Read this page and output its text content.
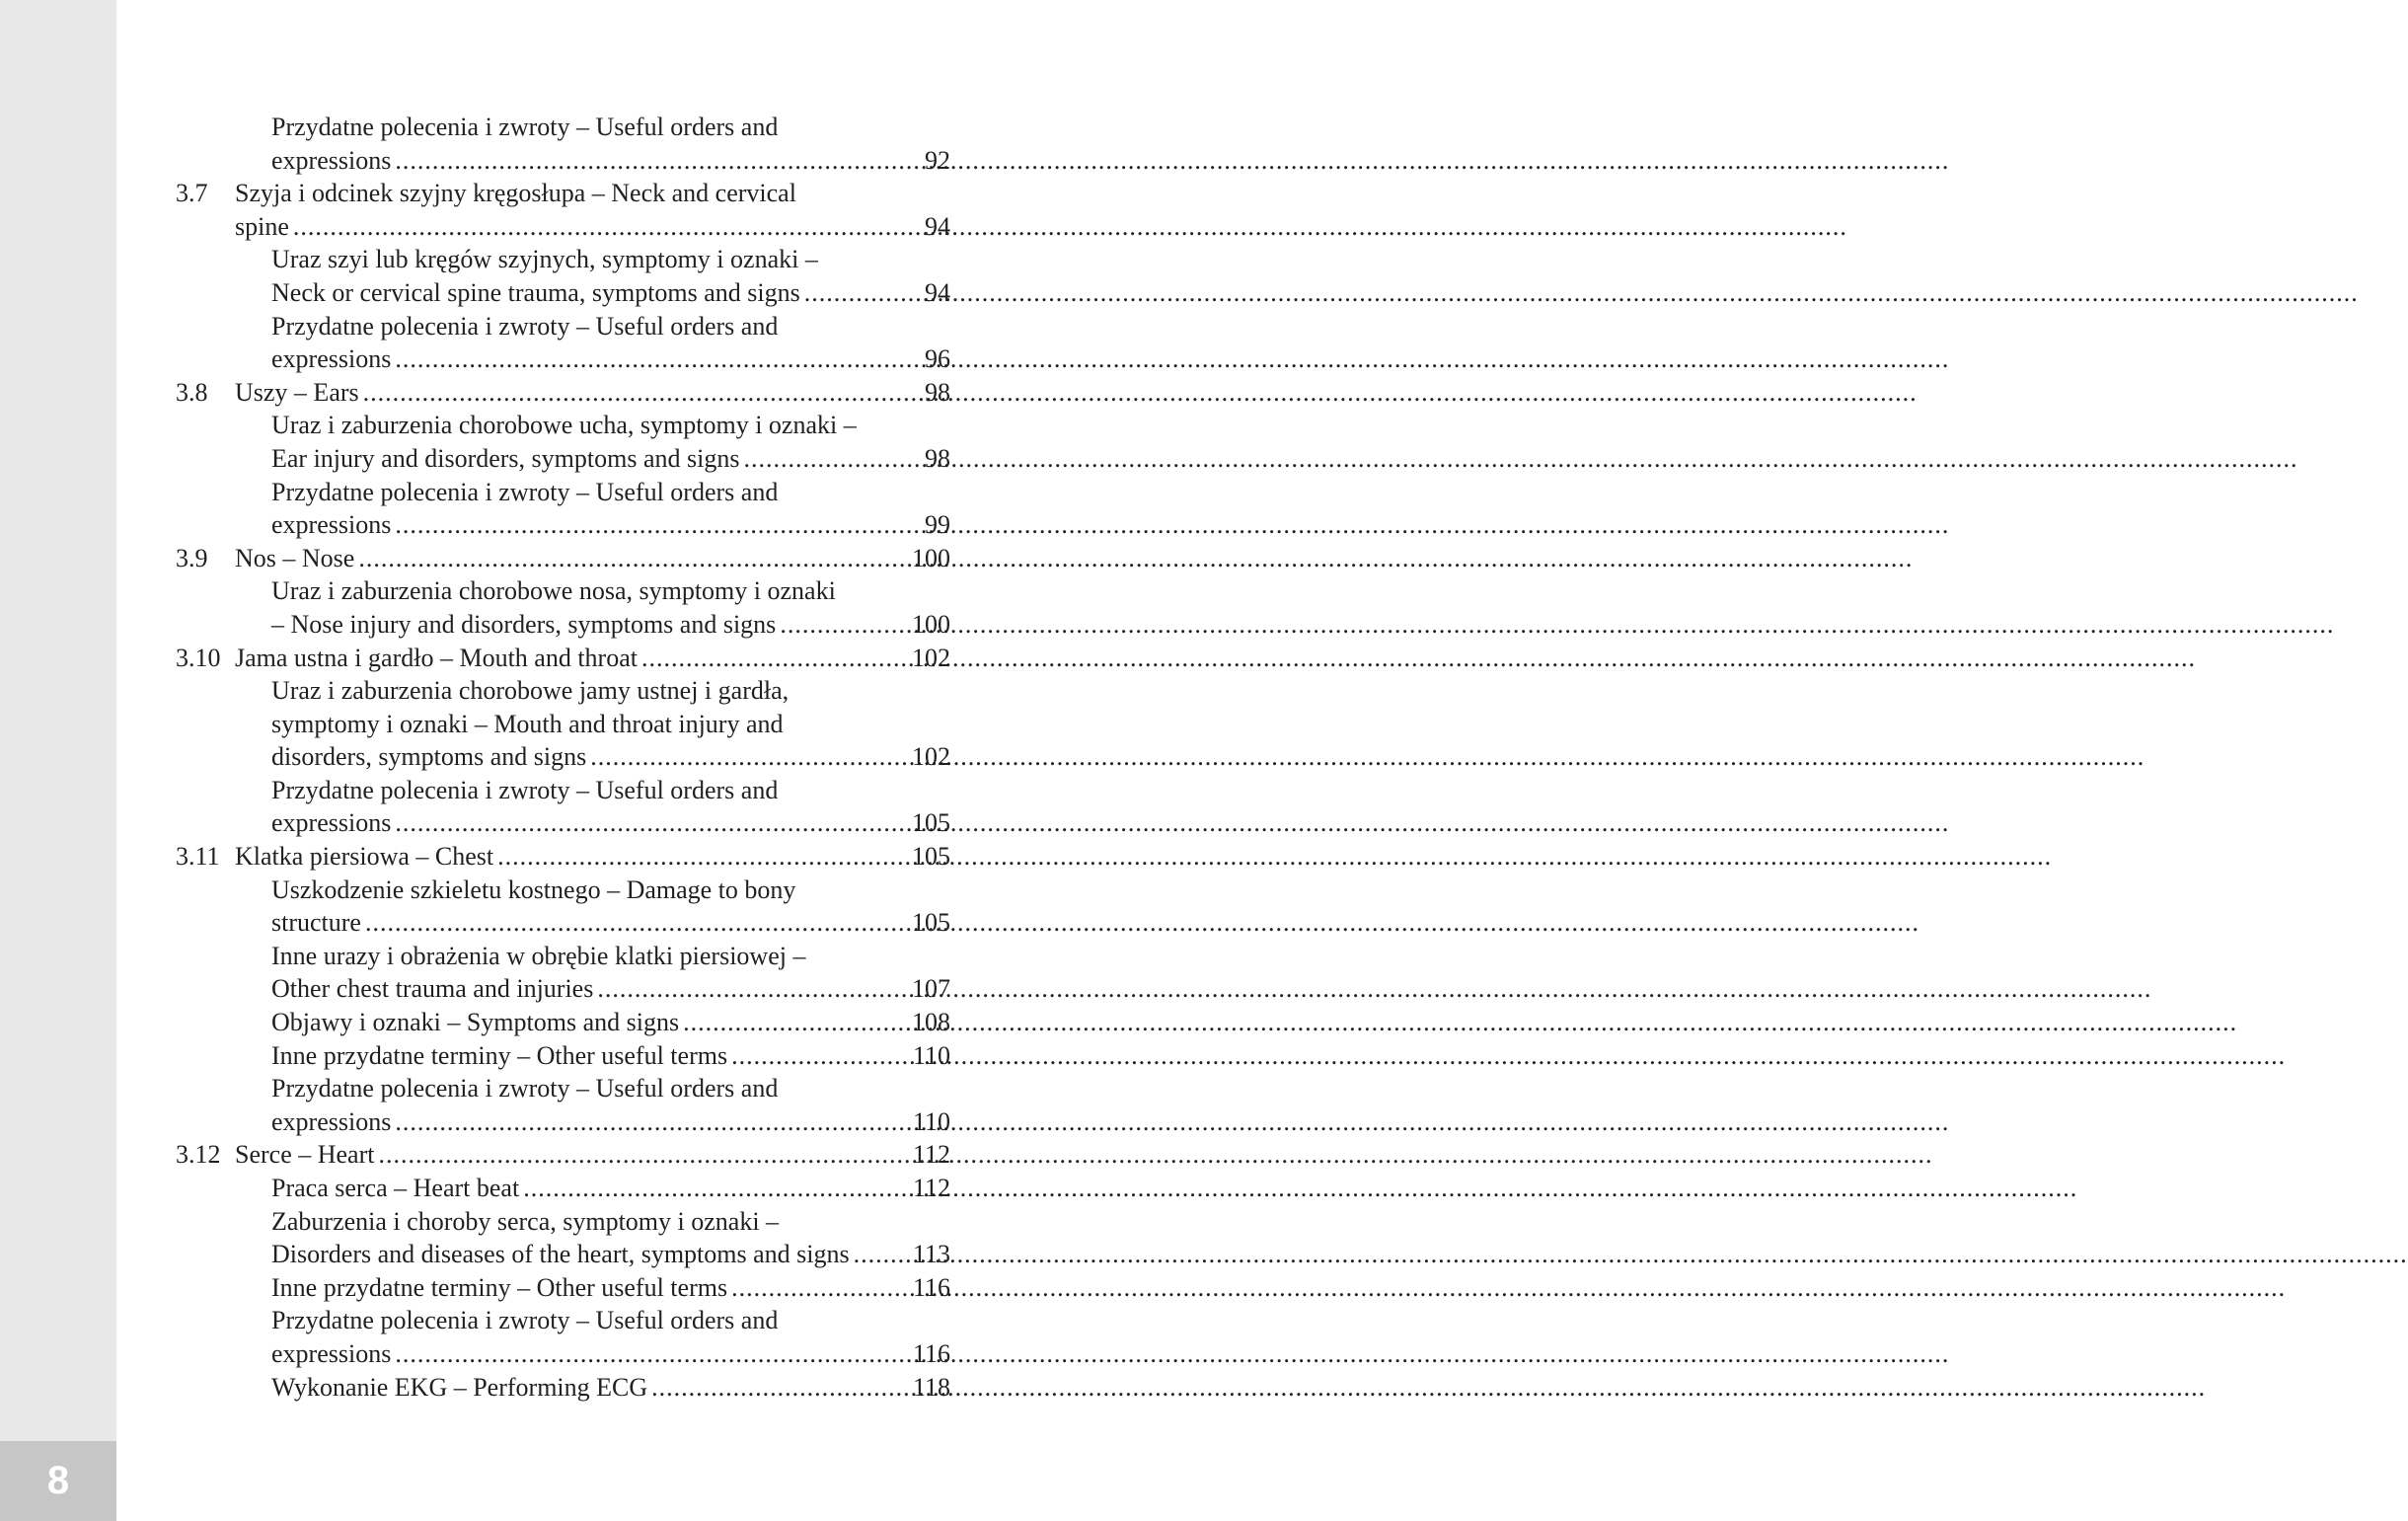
8
Przydatne polecenia i zwroty – Useful orders and
expressions .....	92
3.7 Szyja i odcinek szyjny kręgosłupa – Neck and cervical
spine .....	94
Uraz szyi lub kręgów szyjnych, symptomy i oznaki –
Neck or cervical spine trauma, symptoms and signs .....	94
Przydatne polecenia i zwroty – Useful orders and
expressions .....	96
3.8 Uszy – Ears .....	98
Uraz i zaburzenia chorobowe ucha, symptomy i oznaki –
Ear injury and disorders, symptoms and signs .....	98
Przydatne polecenia i zwroty – Useful orders and
expressions .....	99
3.9 Nos – Nose .....	100
Uraz i zaburzenia chorobowe nosa, symptomy i oznaki
– Nose injury and disorders, symptoms and signs .....	100
3.10 Jama ustna i gardło – Mouth and throat .....	102
Uraz i zaburzenia chorobowe jamy ustnej i gardła,
symptomy i oznaki – Mouth and throat injury and
disorders, symptoms and signs .....	102
Przydatne polecenia i zwroty – Useful orders and
expressions .....	105
3.11 Klatka piersiowa – Chest .....	105
Uszkodzenie szkieletu kostnego – Damage to bony
structure .....	105
Inne urazy i obrażenia w obrębie klatki piersiowej –
Other chest trauma and injuries .....	107
Objawy i oznaki – Symptoms and signs .....	108
Inne przydatne terminy – Other useful terms .....	110
Przydatne polecenia i zwroty – Useful orders and
expressions .....	110
3.12 Serce – Heart .....	112
Praca serca – Heart beat .....	112
Zaburzenia i choroby serca, symptomy i oznaki –
Disorders and diseases of the heart, symptoms and signs ..... 113
Inne przydatne terminy – Other useful terms .....	116
Przydatne polecenia i zwroty – Useful orders and
expressions .....	116
Wykonanie EKG – Performing ECG .....	118
